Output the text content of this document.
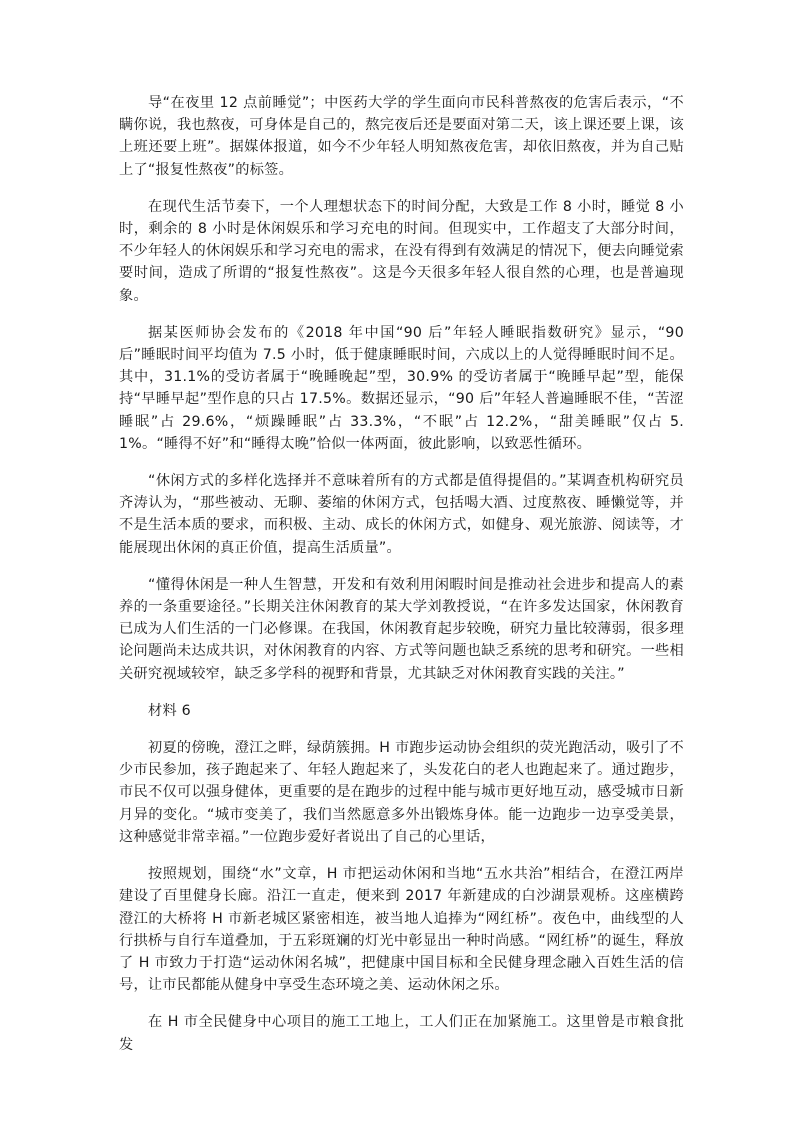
导“在夜里 12 点前睡觉”；中医药大学的学生面向市民科普熬夜的危害后表示，“不瞒你说，我也熬夜，可身体是自己的，熬完夜后还是要面对第二天，该上课还要上课，该上班还要上班”。据媒体报道，如今不少年轻人明知熬夜危害，却依旧熬夜，并为自己贴上了“报复性熬夜”的标签。

在现代生活节奏下，一个人理想状态下的时间分配，大致是工作 8 小时，睡觉 8 小时，剩余的 8 小时是休闲娱乐和学习充电的时间。但现实中，工作超支了大部分时间，不少年轻人的休闲娱乐和学习充电的需求，在没有得到有效满足的情况下，便去向睡觉索要时间，造成了所谓的“报复性熬夜”。这是今天很多年轻人很自然的心理，也是普遍现象。

据某医师协会发布的《2018 年中国“90 后”年轻人睡眠指数研究》显示，“90 后”睡眠时间平均值为 7.5 小时，低于健康睡眠时间，六成以上的人觉得睡眠时间不足。其中，31.1%的受访者属于“晚睡晚起”型，30.9% 的受访者属于“晚睡早起”型，能保持“早睡早起”型作息的只占 17.5%。数据还显示，“90 后”年轻人普遍睡眠不佳，“苦涩睡眠”占 29.6%，“烦躁睡眠”占 33.3%，“不眠”占 12.2%，“甜美睡眠”仅占 5.1%。“睡得不好”和“睡得太晚”恰似一体两面，彼此影响，以致恶性循环。

“休闲方式的多样化选择并不意味着所有的方式都是值得提倡的。”某调查机构研究员齐涛认为，“那些被动、无聊、萎缩的休闲方式，包括喝大酒、过度熬夜、睡懒觉等，并不是生活本质的要求，而积极、主动、成长的休闲方式，如健身、观光旅游、阅读等，才能展现出休闲的真正价值，提高生活质量”。

“懂得休闲是一种人生智慧，开发和有效利用闲暇时间是推动社会进步和提高人的素养的一条重要途径。”长期关注休闲教育的某大学刘教授说，“在许多发达国家，休闲教育已成为人们生活的一门必修课。在我国，休闲教育起步较晚，研究力量比较薄弱，很多理论问题尚未达成共识，对休闲教育的内容、方式等问题也缺乏系统的思考和研究。一些相关研究视域较窄，缺乏多学科的视野和背景，尤其缺乏对休闲教育实践的关注。”

材料 6

初夏的傍晚，澄江之畔，绿荫簇拥。H 市跑步运动协会组织的荧光跑活动，吸引了不少市民参加，孩子跑起来了、年轻人跑起来了，头发花白的老人也跑起来了。通过跑步，市民不仅可以强身健体，更重要的是在跑步的过程中能与城市更好地互动，感受城市日新月异的变化。“城市变美了，我们当然愿意多外出锻炼身体。能一边跑步一边享受美景，这种感觉非常幸福。”一位跑步爱好者说出了自己的心里话，

按照规划，围绕“水”文章，H 市把运动休闲和当地“五水共治”相结合，在澄江两岸建设了百里健身长廊。沿江一直走，便来到 2017 年新建成的白沙湖景观桥。这座横跨澄江的大桥将 H 市新老城区紧密相连，被当地人追捧为“网红桥”。夜色中，曲线型的人行拱桥与自行车道叠加，于五彩斑斓的灯光中彰显出一种时尚感。“网红桥”的诞生，释放了 H 市致力于打造“运动休闲名城”，把健康中国目标和全民健身理念融入百姓生活的信号，让市民都能从健身中享受生态环境之美、运动休闲之乐。

在 H 市全民健身中心项目的施工工地上，工人们正在加紧施工。这里曾是市粮食批发
